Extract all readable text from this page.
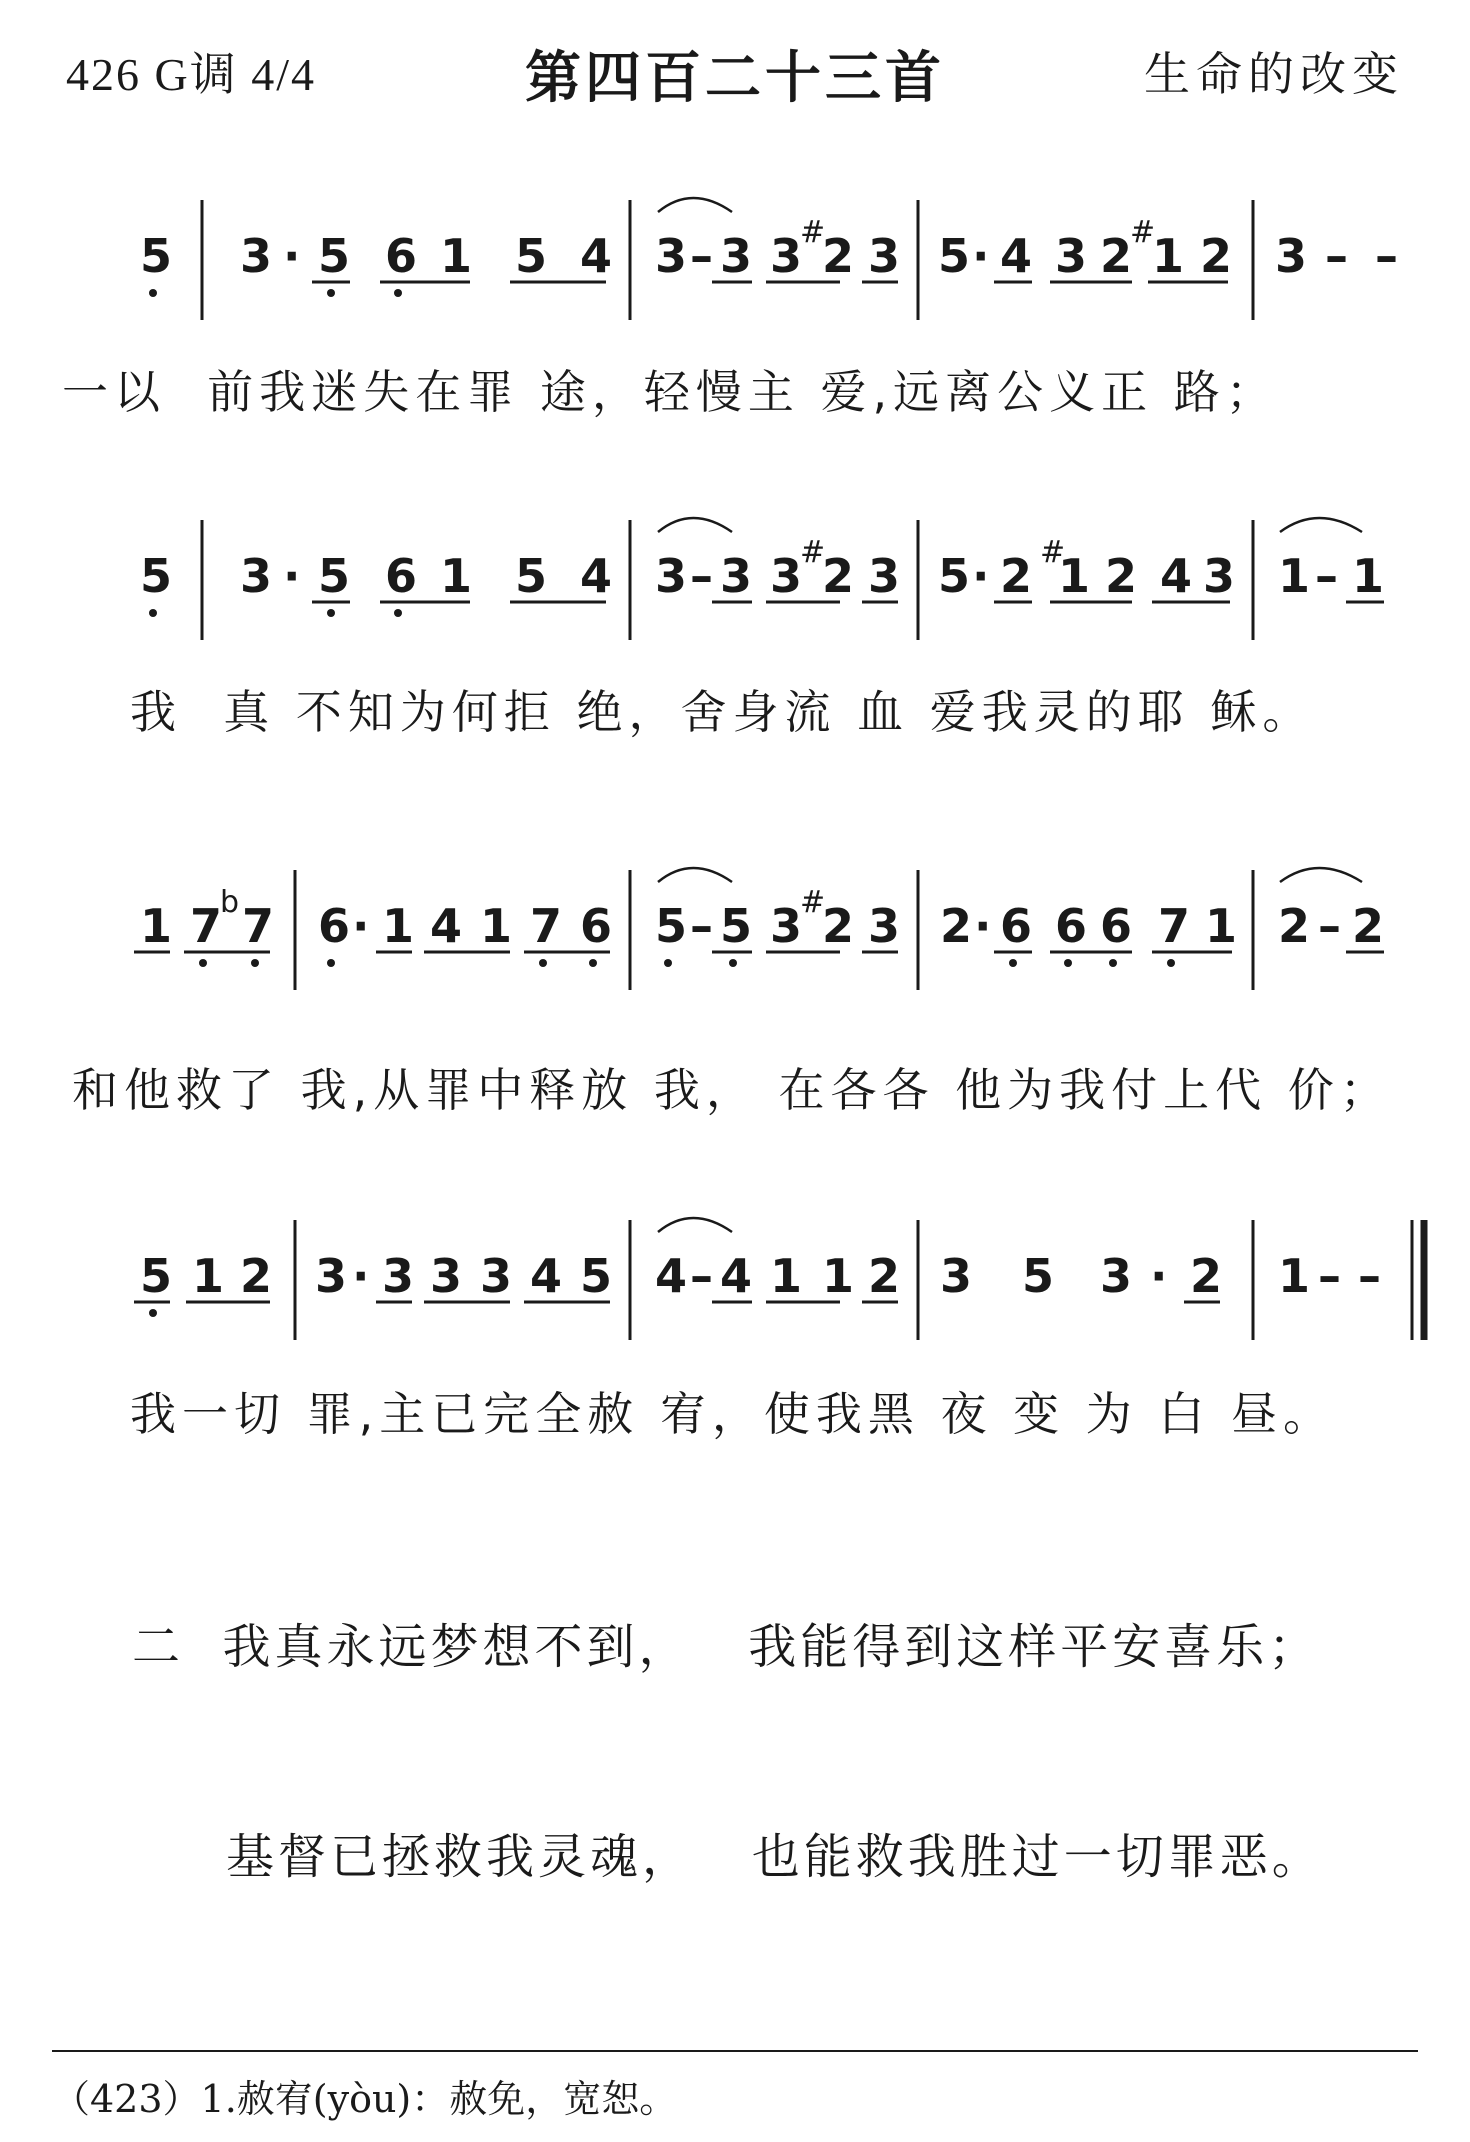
426 G调 4/4	第四百二十三首	生命的改变
5 3 · 5 6 1 5 4 3 – 3 3 2 3 5 · 4 3 2 1 2 3 – –
#	#
一以  前我迷失在罪 途，轻慢主 爱,远离公义正 路；
5 3 · 5 6 1 5 4 3 – 3 3 2 3 5 · 2 1 2 4 3 1 – 1
#	#
我  真 不知为何拒 绝，舍身流 血 爱我灵的耶 稣。
1 7 7 6 · 1 4 1 7 6 5 – 5 3 2 3 2 · 6 6 6 7 1 2 – 2
b	#
和他救了 我,从罪中释放 我， 在各各 他为我付上代 价；
5 1 2 3 · 3 3 3 4 5 4 – 4 1 1 2 3 5 3 · 2 1 – –
我一切 罪,主已完全赦 宥，使我黑 夜 变 为 白 昼。
二  我真永远梦想不到，   我能得到这样平安喜乐；
基督已拯救我灵魂，   也能救我胜过一切罪恶。
（423）1.赦宥(yòu)：赦免，宽恕。
